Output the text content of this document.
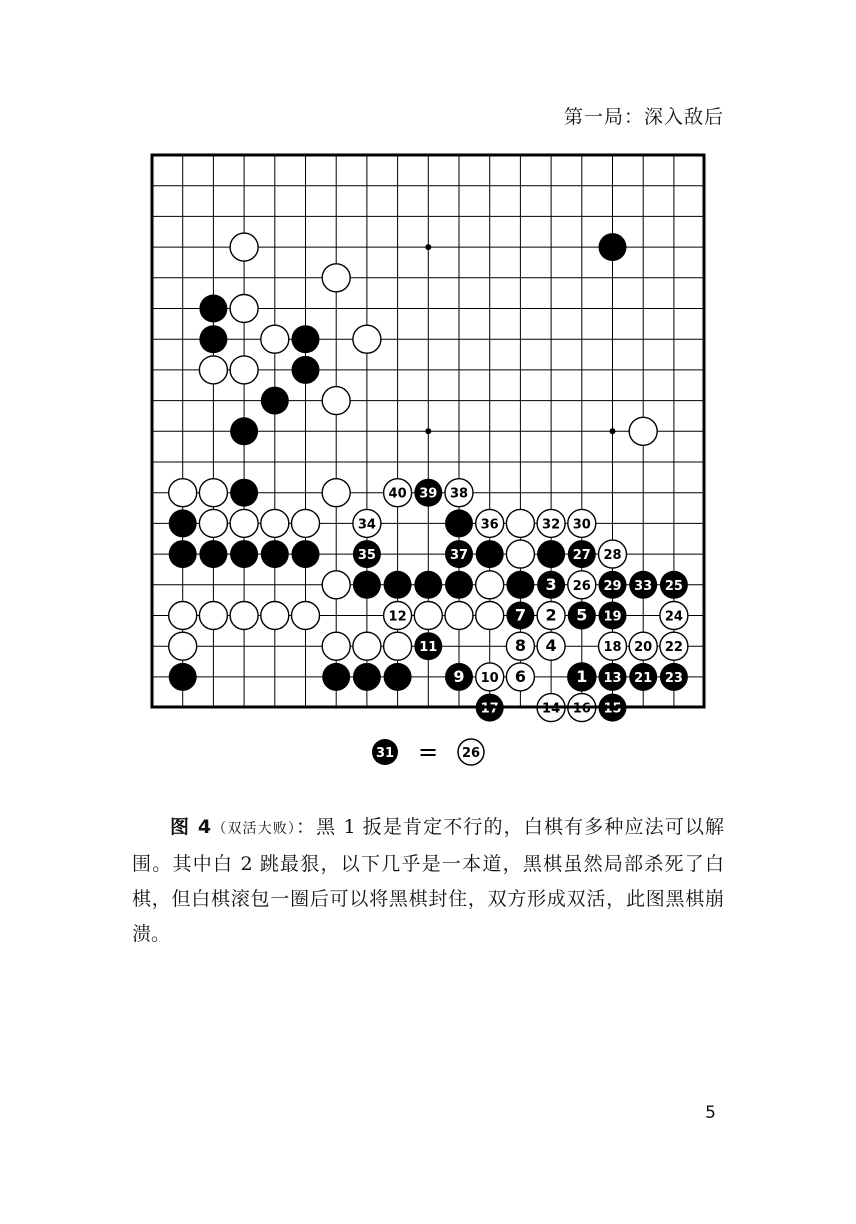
第一局：深入敌后
1
2
3
4
5
6
7
8
9 10
11
12
13
14	15
16
17
18
19
20
21
22
23
24
25
26
27 28
29
30
32
33
34
35
36
37
38
39
40
31 = 26

图 4（双活大败）：黑 1 扳是肯定不行的，白棋有多种应法可以解围。其中白 2 跳最狠，以下几乎是一本道，黑棋虽然局部杀死了白棋，但白棋滚包一圈后可以将黑棋封住，双方形成双活，此图黑棋崩溃。

5
